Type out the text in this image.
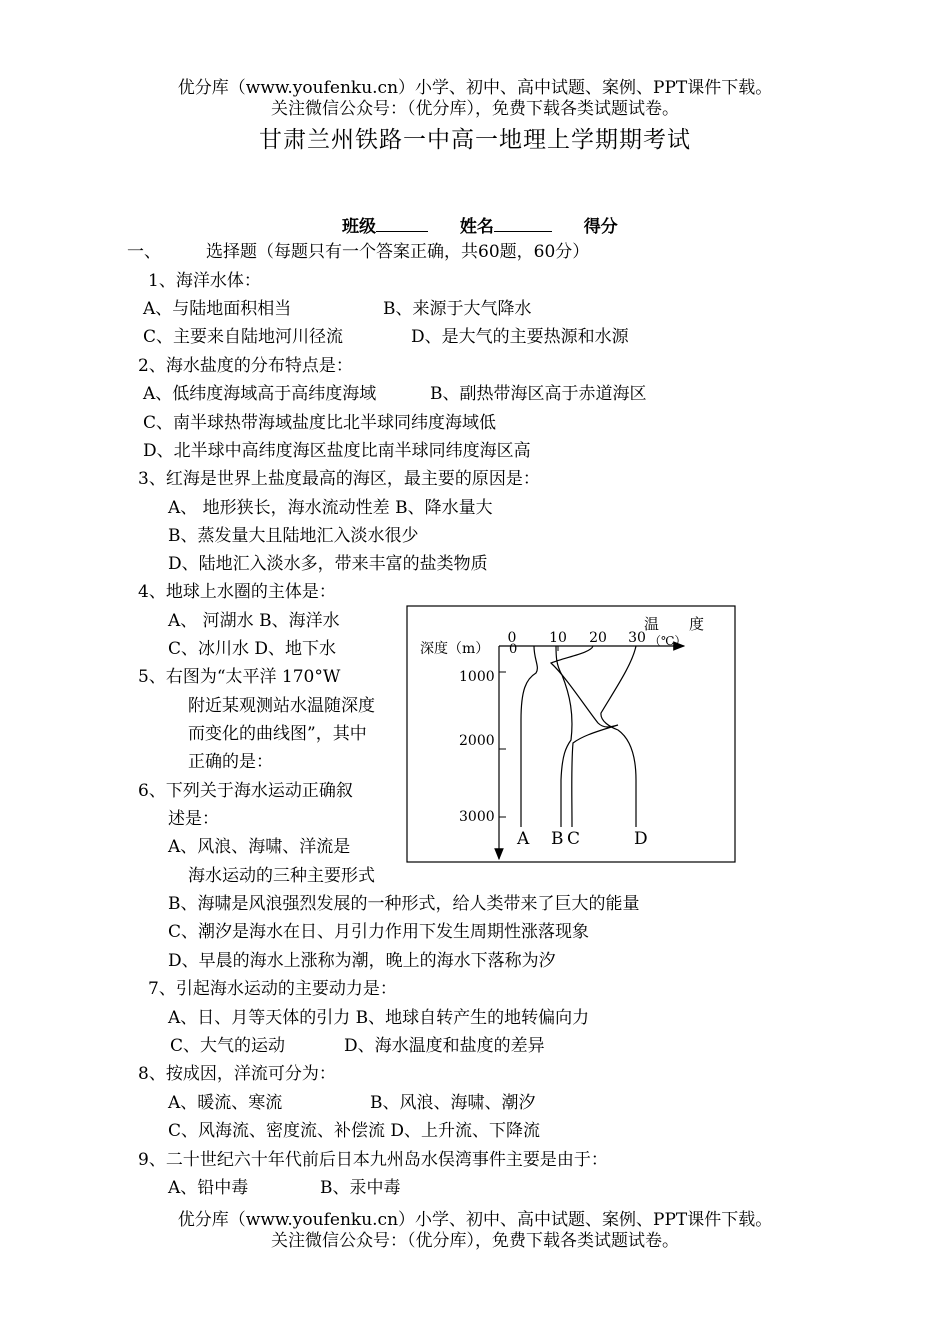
优分库（www.youfenku.cn）小学、初中、高中试题、案例、PPT课件下载。
关注微信公众号：（优分库），免费下载各类试题试卷。
甘肃兰州铁路一中高一地理上学期期考试
班级	姓名	得分
一、	选择题（每题只有一个答案正确，共60题，60分）
1、海洋水体：
A、与陆地面积相当	B、来源于大气降水
C、主要来自陆地河川径流	D、是大气的主要热源和水源
2、海水盐度的分布特点是：
A、低纬度海域高于高纬度海域	B、副热带海区高于赤道海区
C、南半球热带海域盐度比北半球同纬度海域低
D、北半球中高纬度海区盐度比南半球同纬度海区高
3、红海是世界上盐度最高的海区，最主要的原因是：
A、 地形狭长，海水流动性差 B、降水量大
B、蒸发量大且陆地汇入淡水很少
D、陆地汇入淡水多，带来丰富的盐类物质
4、地球上水圈的主体是：
A、 河湖水 B、海洋水
C、冰川水 D、地下水
5、右图为“太平洋 170°W
附近某观测站水温随深度
而变化的曲线图”，其中
正确的是：
6、下列关于海水运动正确叙
述是：
A、风浪、海啸、洋流是
海水运动的三种主要形式
B、海啸是风浪强烈发展的一种形式，给人类带来了巨大的能量
C、潮汐是海水在日、月引力作用下发生周期性涨落现象
D、早晨的海水上涨称为潮，晚上的海水下落称为汐
7、引起海水运动的主要动力是：
A、日、月等天体的引力 B、地球自转产生的地转偏向力
C、大气的运动	D、海水温度和盐度的差异
8、按成因，洋流可分为：
A、暖流、寒流	B、风浪、海啸、潮汐
C、风海流、密度流、补偿流 D、上升流、下降流
9、二十世纪六十年代前后日本九州岛水俣湾事件主要是由于：
A、铅中毒	B、汞中毒
优分库（www.youfenku.cn）小学、初中、高中试题、案例、PPT课件下载。
关注微信公众号：（优分库），免费下载各类试题试卷。
温　　度
（℃）
深度（m） 0
0 10 20 30
1000
2000
3000
A B C	D
